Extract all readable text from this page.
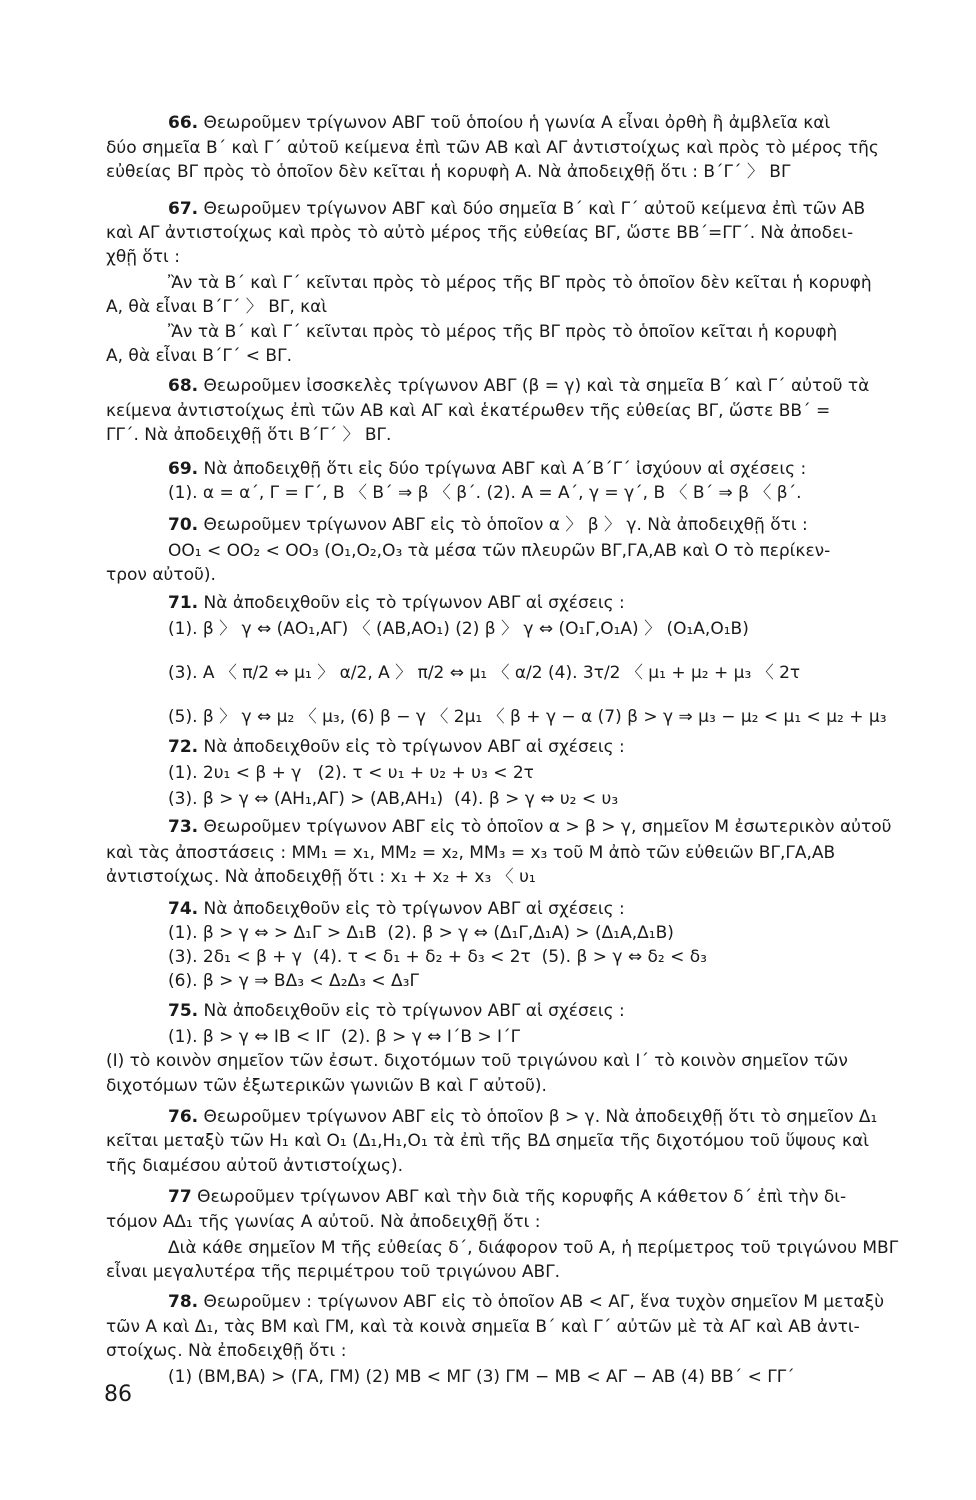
66. Θεωροῦμεν τρίγωνον ΑΒΓ τοῦ ὁποίου ἡ γωνία Α εἶναι ὀρθὴ ἢ ἀμβλεῖα καὶ
δύο σημεῖα Β΄ καὶ Γ΄ αὐτοῦ κείμενα ἐπὶ τῶν ΑΒ καὶ ΑΓ ἀντιστοίχως καὶ πρὸς τὸ μέρος τῆς
εὐθείας ΒΓ πρὸς τὸ ὁποῖον δὲν κεῖται ἡ κορυφὴ Α. Νὰ ἀποδειχθῇ ὅτι : Β΄Γ΄ 〉 ΒΓ
67. Θεωροῦμεν τρίγωνον ΑΒΓ καὶ δύο σημεῖα Β΄ καὶ Γ΄ αὐτοῦ κείμενα ἐπὶ τῶν ΑΒ
καὶ ΑΓ ἀντιστοίχως καὶ πρὸς τὸ αὐτὸ μέρος τῆς εὐθείας ΒΓ, ὥστε ΒΒ΄=ΓΓ΄. Νὰ ἀποδει-
χθῇ ὅτι :
Ἂν τὰ Β΄ καὶ Γ΄ κεῖνται πρὸς τὸ μέρος τῆς ΒΓ πρὸς τὸ ὁποῖον δὲν κεῖται ἡ κορυφὴ
Α, θὰ εἶναι Β΄Γ΄ 〉 ΒΓ, καὶ
Ἂν τὰ Β΄ καὶ Γ΄ κεῖνται πρὸς τὸ μέρος τῆς ΒΓ πρὸς τὸ ὁποῖον κεῖται ἡ κορυφὴ
Α, θὰ εἶναι Β΄Γ΄ < ΒΓ.
68. Θεωροῦμεν ἰσοσκελὲς τρίγωνον ΑΒΓ (β = γ) καὶ τὰ σημεῖα Β΄ καὶ Γ΄ αὐτοῦ τὰ
κείμενα ἀντιστοίχως ἐπὶ τῶν ΑΒ καὶ ΑΓ καὶ ἑκατέρωθεν τῆς εὐθείας ΒΓ, ὥστε ΒΒ΄ =
ΓΓ΄. Νὰ ἀποδειχθῇ ὅτι Β΄Γ΄ 〉 ΒΓ.
69. Νὰ ἀποδειχθῇ ὅτι εἰς δύο τρίγωνα ΑΒΓ καὶ Α΄Β΄Γ΄ ἰσχύουν αἱ σχέσεις :
(1). α = α΄, Γ = Γ΄, Β 〈 Β΄ ⇒ β 〈 β΄. (2). Α = Α΄, γ = γ΄, Β 〈 Β΄ ⇒ β 〈 β΄.
70. Θεωροῦμεν τρίγωνον ΑΒΓ εἰς τὸ ὁποῖον α 〉 β 〉 γ. Νὰ ἀποδειχθῇ ὅτι :
ΟΟ₁ < ΟΟ₂ < ΟΟ₃ (Ο₁,Ο₂,Ο₃ τὰ μέσα τῶν πλευρῶν ΒΓ,ΓΑ,ΑΒ καὶ Ο τὸ περίκεν-
τρον αὐτοῦ).
71. Νὰ ἀποδειχθοῦν εἰς τὸ τρίγωνον ΑΒΓ αἱ σχέσεις :
(1). β 〉 γ ⇔ (ΑΟ₁,ΑΓ) 〈 (ΑΒ,ΑΟ₁) (2) β 〉 γ ⇔ (Ο₁Γ,Ο₁Α) 〉 (Ο₁Α,Ο₁Β)
(3). Α 〈 π/2 ⇔ μ₁ 〉 α/2, Α 〉 π/2 ⇔ μ₁ 〈 α/2 (4). 3τ/2 〈 μ₁ + μ₂ + μ₃ 〈 2τ
(5). β 〉 γ ⇔ μ₂ 〈 μ₃, (6) β − γ 〈 2μ₁ 〈 β + γ − α (7) β > γ ⇒ μ₃ − μ₂ < μ₁ < μ₂ + μ₃
72. Νὰ ἀποδειχθοῦν εἰς τὸ τρίγωνον ΑΒΓ αἱ σχέσεις :
(1). 2υ₁ < β + γ   (2). τ < υ₁ + υ₂ + υ₃ < 2τ
(3). β > γ ⇔ (ΑΗ₁,ΑΓ) > (ΑΒ,ΑΗ₁)  (4). β > γ ⇔ υ₂ < υ₃
73. Θεωροῦμεν τρίγωνον ΑΒΓ εἰς τὸ ὁποῖον α > β > γ, σημεῖον Μ ἐσωτερικὸν αὐτοῦ
καὶ τὰς ἀποστάσεις : ΜΜ₁ = x₁, ΜΜ₂ = x₂, ΜΜ₃ = x₃ τοῦ Μ ἀπὸ τῶν εὐθειῶν ΒΓ,ΓΑ,ΑΒ
ἀντιστοίχως. Νὰ ἀποδειχθῇ ὅτι : x₁ + x₂ + x₃ 〈 υ₁
74. Νὰ ἀποδειχθοῦν εἰς τὸ τρίγωνον ΑΒΓ αἱ σχέσεις :
(1). β > γ ⇔ > Δ₁Γ > Δ₁Β  (2). β > γ ⇔ (Δ₁Γ,Δ₁Α) > (Δ₁Α,Δ₁Β)
(3). 2δ₁ < β + γ  (4). τ < δ₁ + δ₂ + δ₃ < 2τ  (5). β > γ ⇔ δ₂ < δ₃
(6). β > γ ⇒ ΒΔ₃ < Δ₂Δ₃ < Δ₃Γ
75. Νὰ ἀποδειχθοῦν εἰς τὸ τρίγωνον ΑΒΓ αἱ σχέσεις :
(1). β > γ ⇔ ΙΒ < ΙΓ  (2). β > γ ⇔ Ι΄Β > Ι΄Γ
(Ι) τὸ κοινὸν σημεῖον τῶν ἐσωτ. διχοτόμων τοῦ τριγώνου καὶ Ι΄ τὸ κοινὸν σημεῖον τῶν
διχοτόμων τῶν ἐξωτερικῶν γωνιῶν Β καὶ Γ αὐτοῦ).
76. Θεωροῦμεν τρίγωνον ΑΒΓ εἰς τὸ ὁποῖον β > γ. Νὰ ἀποδειχθῇ ὅτι τὸ σημεῖον Δ₁
κεῖται μεταξὺ τῶν Η₁ καὶ Ο₁ (Δ₁,Η₁,Ο₁ τὰ ἐπὶ τῆς ΒΔ σημεῖα τῆς διχοτόμου τοῦ ὕψους καὶ
τῆς διαμέσου αὐτοῦ ἀντιστοίχως).
77 Θεωροῦμεν τρίγωνον ΑΒΓ καὶ τὴν διὰ τῆς κορυφῆς Α κάθετον δ΄ ἐπὶ τὴν δι-
τόμον ΑΔ₁ τῆς γωνίας Α αὐτοῦ. Νὰ ἀποδειχθῇ ὅτι :
Διὰ κάθε σημεῖον Μ τῆς εὐθείας δ΄, διάφορον τοῦ Α, ἡ περίμετρος τοῦ τριγώνου ΜΒΓ
εἶναι μεγαλυτέρα τῆς περιμέτρου τοῦ τριγώνου ΑΒΓ.
78. Θεωροῦμεν : τρίγωνον ΑΒΓ εἰς τὸ ὁποῖον ΑΒ < ΑΓ, ἕνα τυχὸν σημεῖον Μ μεταξὺ
τῶν Α καὶ Δ₁, τὰς ΒΜ καὶ ΓΜ, καὶ τὰ κοινὰ σημεῖα Β΄ καὶ Γ΄ αὐτῶν μὲ τὰ ΑΓ καὶ ΑΒ ἀντι-
στοίχως. Νὰ ἐποδειχθῇ ὅτι :
(1) (ΒΜ,ΒΑ) > (ΓΑ, ΓΜ) (2) ΜΒ < ΜΓ (3) ΓΜ − ΜΒ < ΑΓ − ΑΒ (4) ΒΒ΄ < ΓΓ΄
86
